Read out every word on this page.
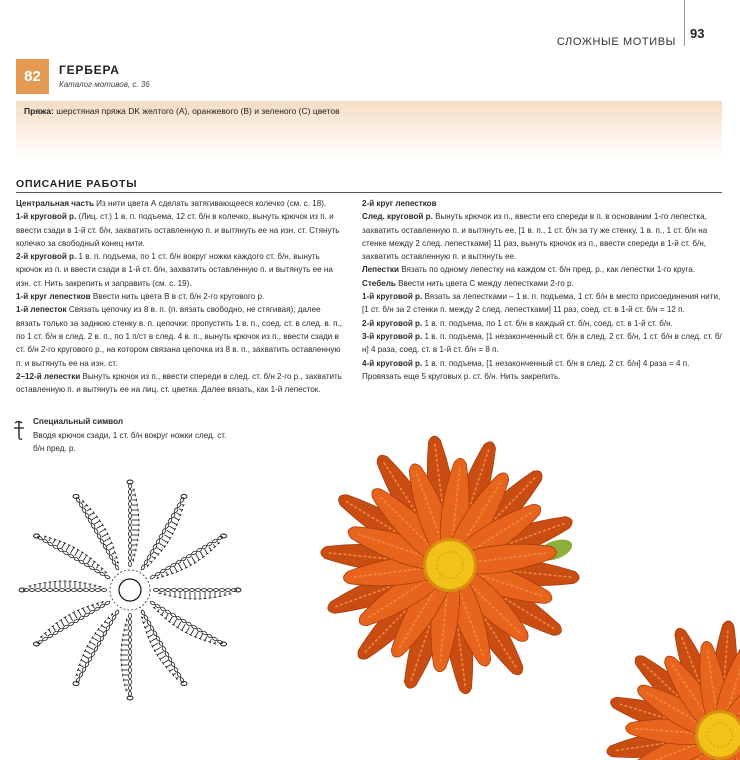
СЛОЖНЫЕ МОТИВЫ
93
82	ГЕРБЕРА
Каталог мотивов, с. 36
Пряжа: шерстяная пряжа DK желтого (А), оранжевого (В) и зеленого (С) цветов
ОПИСАНИЕ РАБОТЫ

Центральная часть Из нити цвета А сделать затягивающееся колечко (см. с. 18).

1-й круговой р. (Лиц. ст.) 1 в. п. подъема, 12 ст. б/н в колечко, вынуть крючок из п. и ввести сзади в 1-й ст. б/н, захватить оставленную п. и вытянуть ее на изн. ст. Стянуть колечко за свободный конец нити.

2-й круговой р. 1 в. п. подъема, по 1 ст. б/н вокруг ножки каждого ст. б/н, вынуть крючок из п. и ввести сзади в 1-й ст. б/н, захватить оставленную п. и вытянуть ее на изн. ст. Нить закрепить и заправить (см. с. 19).

1-й круг лепестков Ввести нить цвета В в ст. б/н 2-го кругового р.

1-й лепесток Связать цепочку из 8 в. п. (п. вязать свободно, не стягивая); далее вязать только за заднюю стенку в. п. цепочки: пропустить 1 в. п., соед. ст. в след. в. п., по 1 ст. б/н в след. 2 в. п., по 1 п/ст в след. 4 в. п., вынуть крючок из п., ввести сзади в ст. б/н 2-го кругового р., на котором связана цепочка из 8 в. п., захватить оставленную п. и вытянуть ее на изн. ст.

2–12-й лепестки Вынуть крючок из п., ввести спереди в след. ст. б/н 2-го р., захватить оставленную п. и вытянуть ее на лиц. ст. цветка. Далее вязать, как 1-й лепесток.

2-й круг лепестков

След. круговой р. Вынуть крючок из п., ввести его спереди в п. в основании 1-го лепестка, захватить оставленную п. и вытянуть ее, [1 в. п., 1 ст. б/н за ту же стенку, 1 в. п., 1 ст. б/н на стенке между 2 след. лепестками] 11 раз, вынуть крючок из п., ввести спереди в 1-й ст. б/н, захватить оставленную п. и вытянуть ее.

Лепестки Вязать по одному лепестку на каждом ст. б/н пред. р., как лепестки 1-го круга.

Стебель Ввести нить цвета С между лепестками 2-го р.

1-й круговой р. Вязать за лепестками – 1 в. п. подъема, 1 ст. б/н в место присоединения нити, [1 ст. б/н за 2 стенки п. между 2 след. лепестками] 11 раз, соед. ст. в 1-й ст. б/н = 12 п.

2-й круговой р. 1 в. п. подъема, по 1 ст. б/н в каждый ст. б/н, соед. ст. в 1-й ст. б/н.

3-й круговой р. 1 в. п. подъема, [1 незаконченный ст. б/н в след. 2 ст. б/н, 1 ст. б/н в след. ст. б/н] 4 раза, соед. ст. в 1-й ст. б/н = 8 п.

4-й круговой р. 1 в. п. подъема, [1 незаконченный ст. б/н в след. 2 ст. б/н] 4 раза = 4 п. Провязать еще 5 круговых р. ст. б/н. Нить закрепить.

Специальный символ
Вводя крючок сзади, 1 ст. б/н вокруг ножки след. ст. б/н пред. р.
